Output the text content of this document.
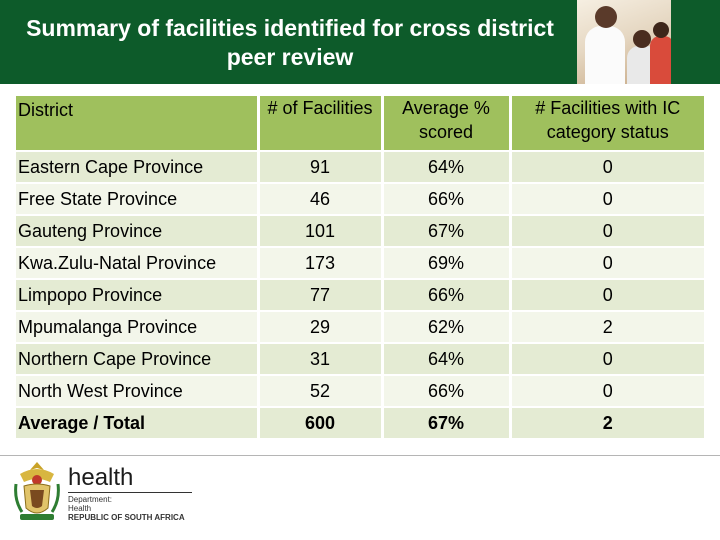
Summary of facilities identified for cross district peer review
District	# of Facilities	Average % scored	# Facilities with IC category status
Eastern Cape Province	91	64%	0
Free State Province	46	66%	0
Gauteng Province	101	67%	0
Kwa.Zulu-Natal Province	173	69%	0
Limpopo Province	77	66%	0
Mpumalanga Province	29	62%	2
Northern Cape Province	31	64%	0
North West Province	52	66%	0
Average / Total	600	67%	2
health
Department:
Health
REPUBLIC OF SOUTH AFRICA
